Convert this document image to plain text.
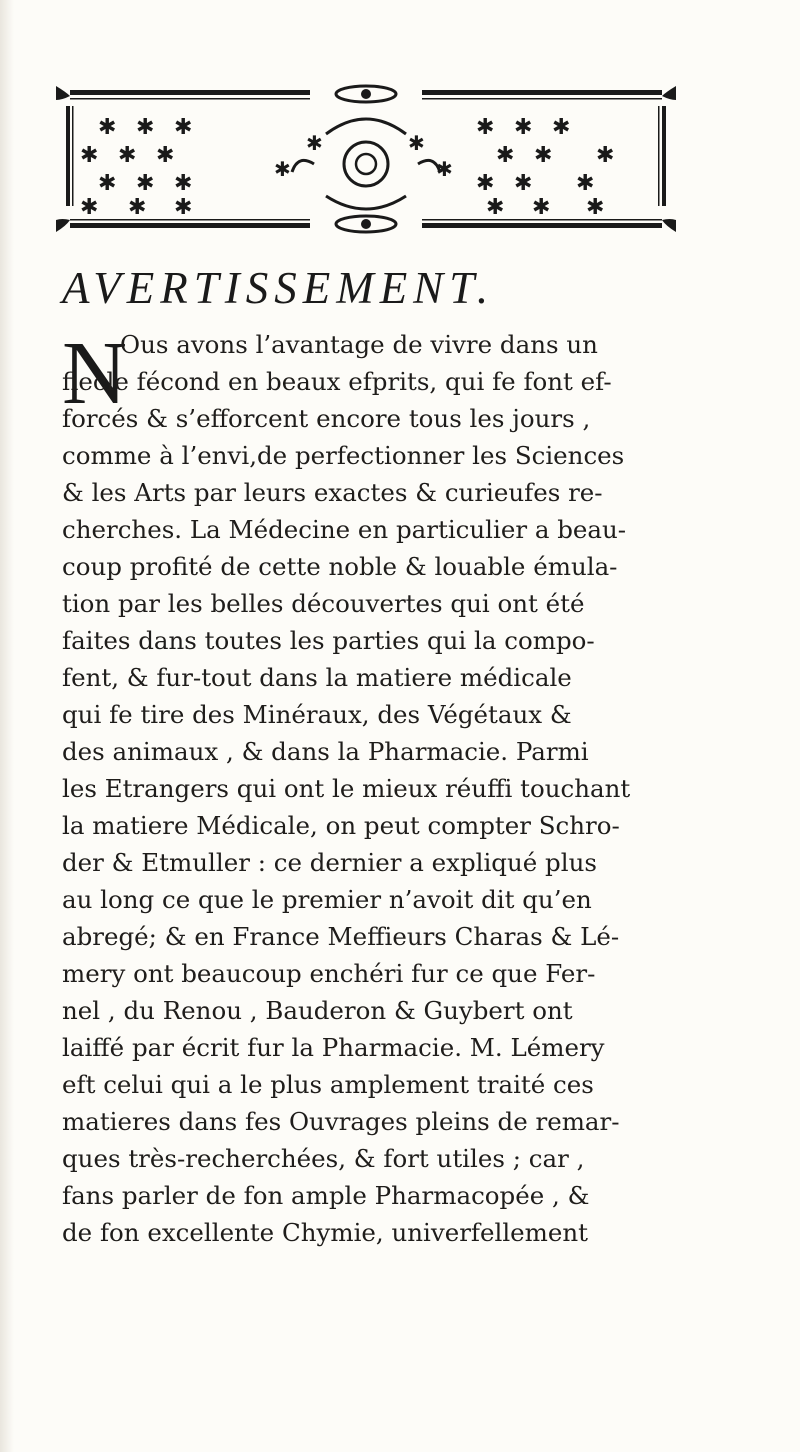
✱ ✱ ✱
✱ ✱ ✱
✱ ✱ ✱
✱ ✱ ✱
✱ ✱ ✱
✱ ✱ ✱
✱ ✱ ✱
✱ ✱ ✱
✱	✱
✱	✱
AVERTISSEMENT.
N
Ous avons l’avantage de vivre dans un
fiecle fécond en beaux efprits, qui fe font ef-
forcés & s’efforcent encore tous les jours ,
comme à l’envi,de perfectionner les Sciences
& les Arts par leurs exactes & curieufes re-
cherches. La Médecine en particulier a beau-
coup profité de cette noble & louable émula-
tion par les belles découvertes qui ont été
faites dans toutes les parties qui la compo-
fent, & fur-tout dans la matiere médicale
qui fe tire des Minéraux, des Végétaux &
des animaux , & dans la Pharmacie. Parmi
les Etrangers qui ont le mieux réuffi touchant
la matiere Médicale, on peut compter Schro-
der & Etmuller : ce dernier a expliqué plus
au long ce que le premier n’avoit dit qu’en
abregé; & en France Meffieurs Charas & Lé-
mery ont beaucoup enchéri fur ce que Fer-
nel , du Renou , Bauderon & Guybert ont
laiffé par écrit fur la Pharmacie. M. Lémery
eft celui qui a le plus amplement traité ces
matieres dans fes Ouvrages pleins de remar-
ques très-recherchées, & fort utiles ; car ,
fans parler de fon ample Pharmacopée , &
de fon excellente Chymie, univerfellement
